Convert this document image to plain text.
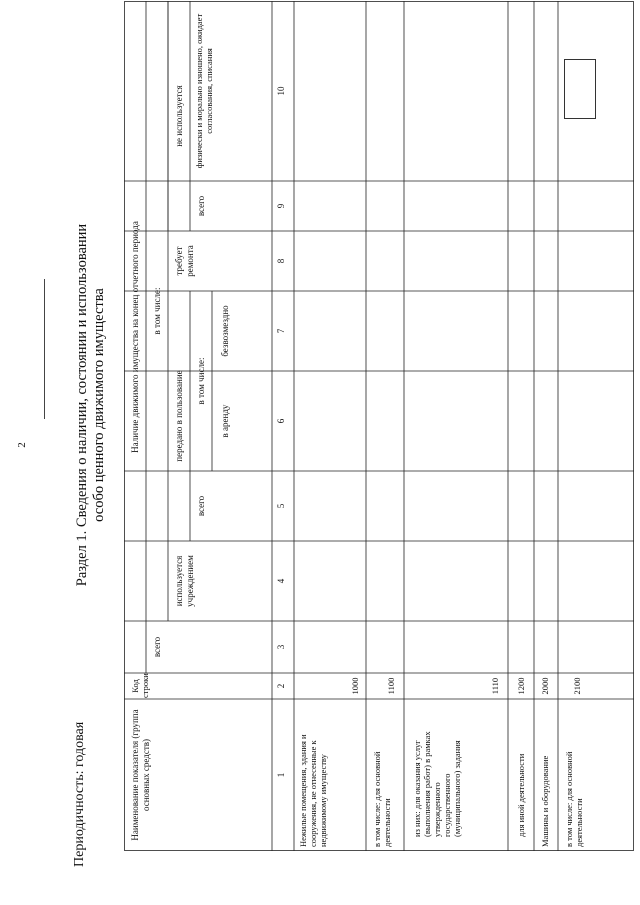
2
Периодичность: годовая
Раздел 1. Сведения о наличии, состоянии и использовании особо ценного движимого имущества
Наименование показателя (группа основных средств)
Код строки
Наличие движимого имущества на конец отчетного периода
всего
в том числе:
используется учреждением
передано в пользование
всего
в том числе:
в аренду
безвозмездно
требует ремонта
не используется
всего
физически и морально изношено, ожидает согласования, списания
1
2
3
4
5
6
7
8
9
10
Нежилые помещения, здания и сооружения, не отнесенные к недвижимому имуществу
1000
в том числе: для основной деятельности
1100
из них: для оказания услуг (выполнения работ) в рамках утвержденного государственного (муниципального) задания
1110
для иной деятельности
1200
Машины и оборудование
2000
в том числе: для основной деятельности
2100
